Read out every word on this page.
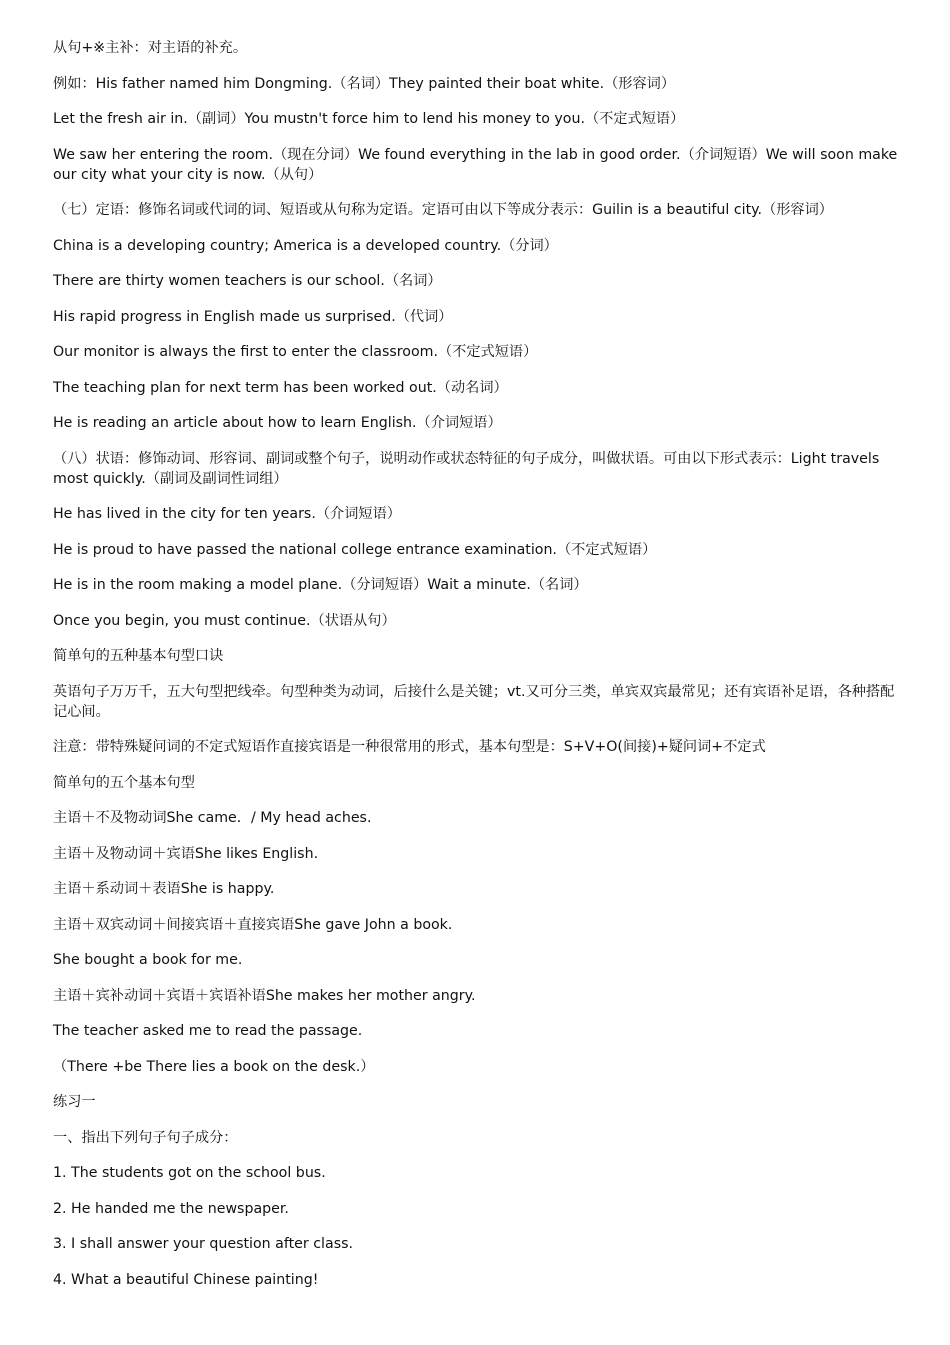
从句+※主补：对主语的补充。

例如：His father named him Dongming.（名词）They painted their boat white.（形容词）

Let the fresh air in.（副词）You mustn't force him to lend his money to you.（不定式短语）

We saw her entering the room.（现在分词）We found everything in the lab in good order.（介词短语）We will soon make our city what your city is now.（从句）

（七）定语：修饰名词或代词的词、短语或从句称为定语。定语可由以下等成分表示：Guilin is a beautiful city.（形容词）

China is a developing country; America is a developed country.（分词）

There are thirty women teachers is our school.（名词）

His rapid progress in English made us surprised.（代词）

Our monitor is always the first to enter the classroom.（不定式短语）

The teaching plan for next term has been worked out.（动名词）

He is reading an article about how to learn English.（介词短语）

（八）状语：修饰动词、形容词、副词或整个句子，说明动作或状态特征的句子成分，叫做状语。可由以下形式表示：Light travels most quickly.（副词及副词性词组）

He has lived in the city for ten years.（介词短语）

He is proud to have passed the national college entrance examination.（不定式短语）

He is in the room making a model plane.（分词短语）Wait a minute.（名词）

Once you begin, you must continue.（状语从句）

简单句的五种基本句型口诀

英语句子万万千，五大句型把线牵。句型种类为动词，后接什么是关键；vt.又可分三类，单宾双宾最常见；还有宾语补足语，各种搭配记心间。

注意：带特殊疑问词的不定式短语作直接宾语是一种很常用的形式，基本句型是：S+V+O(间接)+疑问词+不定式

简单句的五个基本句型

主语＋不及物动词She came．/ My head aches.

主语＋及物动词＋宾语She likes English.

主语＋系动词＋表语She is happy.

主语＋双宾动词＋间接宾语＋直接宾语She gave John a book.

She bought a book for me.

主语＋宾补动词＋宾语＋宾语补语She makes her mother angry.

The teacher asked me to read the passage.

（There +be There lies a book on the desk.）

练习一

一、指出下列句子句子成分：

1. The students got on the school bus.

2. He handed me the newspaper.

3. I shall answer your question after class.

4. What a beautiful Chinese painting!
